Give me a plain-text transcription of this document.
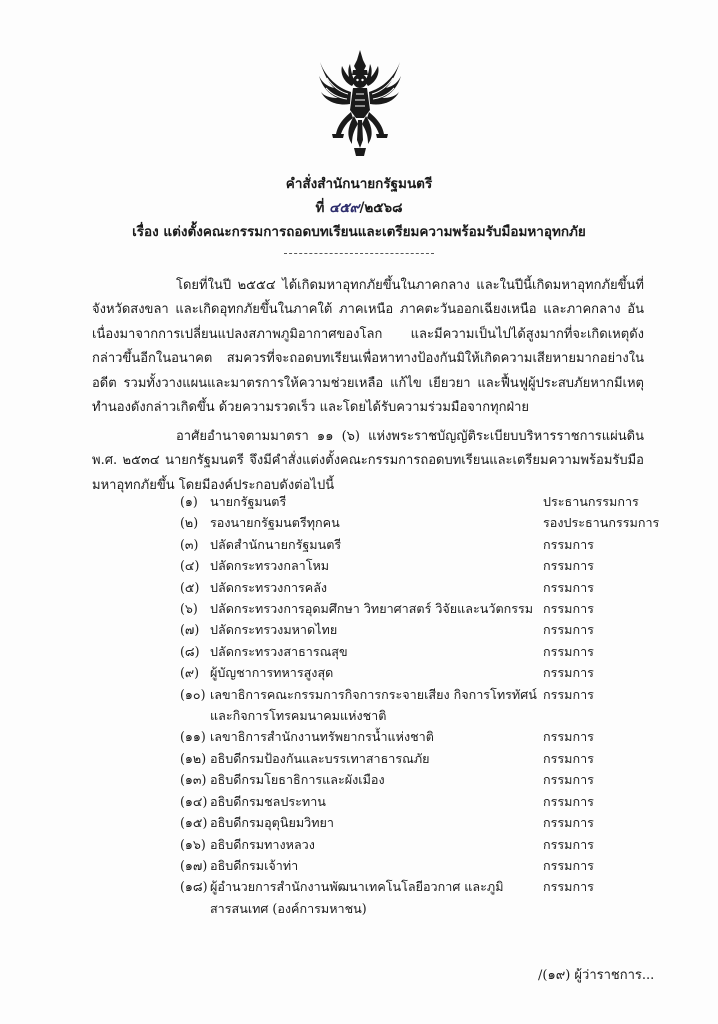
คำสั่งสำนักนายกรัฐมนตรี
ที่ ๔๕๙/๒๕๖๘
เรื่อง แต่งตั้งคณะกรรมการถอดบทเรียนและเตรียมความพร้อมรับมือมหาอุทกภัย

โดยที่ในปี ๒๕๕๔ ได้เกิดมหาอุทกภัยขึ้นในภาคกลาง และในปีนี้เกิดมหาอุทกภัยขึ้นที่จังหวัดสงขลา และเกิดอุทกภัยขึ้นในภาคใต้ ภาคเหนือ ภาคตะวันออกเฉียงเหนือ และภาคกลาง อันเนื่องมาจากการเปลี่ยนแปลงสภาพภูมิอากาศของโลก และมีความเป็นไปได้สูงมากที่จะเกิดเหตุดังกล่าวขึ้นอีกในอนาคต สมควรที่จะถอดบทเรียนเพื่อหาทางป้องกันมิให้เกิดความเสียหายมากอย่างในอดีต รวมทั้งวางแผนและมาตรการให้ความช่วยเหลือ แก้ไข เยียวยา และฟื้นฟูผู้ประสบภัยหากมีเหตุทำนองดังกล่าวเกิดขึ้น ด้วยความรวดเร็ว และโดยได้รับความร่วมมือจากทุกฝ่าย

อาศัยอำนาจตามมาตรา ๑๑ (๖) แห่งพระราชบัญญัติระเบียบบริหารราชการแผ่นดิน พ.ศ. ๒๕๓๔ นายกรัฐมนตรี จึงมีคำสั่งแต่งตั้งคณะกรรมการถอดบทเรียนและเตรียมความพร้อมรับมือมหาอุทกภัยขึ้น โดยมีองค์ประกอบดังต่อไปนี้

(๑) นายกรัฐมนตรี	ประธานกรรมการ
(๒) รองนายกรัฐมนตรีทุกคน	รองประธานกรรมการ
(๓) ปลัดสำนักนายกรัฐมนตรี	กรรมการ
(๔) ปลัดกระทรวงกลาโหม	กรรมการ
(๕) ปลัดกระทรวงการคลัง	กรรมการ
(๖) ปลัดกระทรวงการอุดมศึกษา วิทยาศาสตร์ วิจัยและนวัตกรรม กรรมการ
(๗) ปลัดกระทรวงมหาดไทย	กรรมการ
(๘) ปลัดกระทรวงสาธารณสุข	กรรมการ
(๙) ผู้บัญชาการทหารสูงสุด	กรรมการ
(๑๐) เลขาธิการคณะกรรมการกิจการกระจายเสียง กิจการโทรทัศน์ และกิจการโทรคมนาคมแห่งชาติ
กรรมการ
(๑๑) เลขาธิการสำนักงานทรัพยากรน้ำแห่งชาติ	กรรมการ
(๑๒) อธิบดีกรมป้องกันและบรรเทาสาธารณภัย	กรรมการ
(๑๓) อธิบดีกรมโยธาธิการและผังเมือง	กรรมการ
(๑๔) อธิบดีกรมชลประทาน	กรรมการ
(๑๕) อธิบดีกรมอุตุนิยมวิทยา	กรรมการ
(๑๖) อธิบดีกรมทางหลวง	กรรมการ
(๑๗) อธิบดีกรมเจ้าท่า	กรรมการ
(๑๘) ผู้อำนวยการสำนักงานพัฒนาเทคโนโลยีอวกาศ และภูมิสารสนเทศ (องค์การมหาชน)
กรรมการ
/(๑๙) ผู้ว่าราชการ...
